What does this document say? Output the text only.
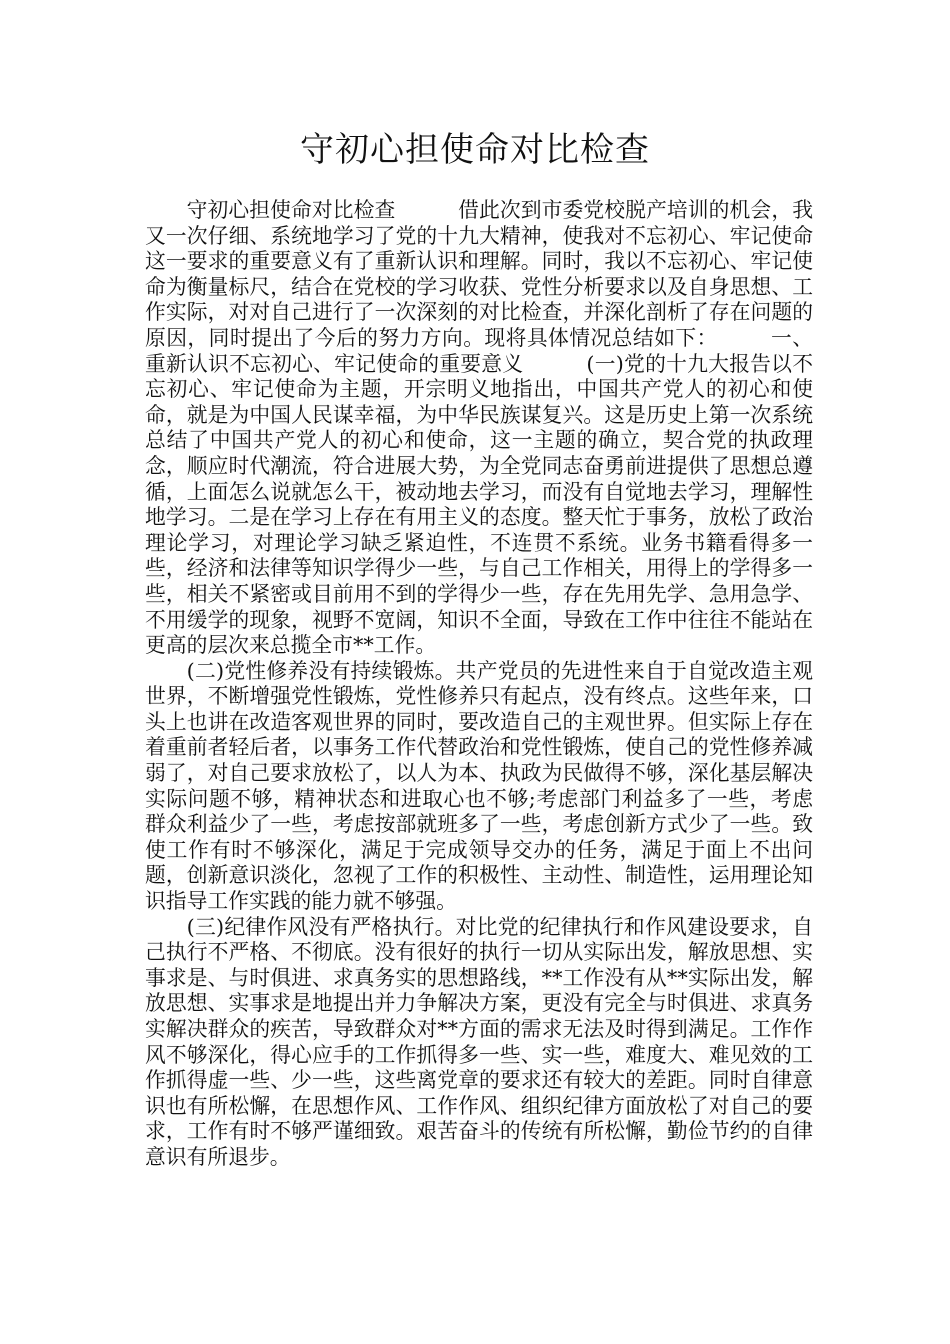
守初心担使命对比检查

守初心担使命对比检查　　　借此次到市委党校脱产培训的机会，我又一次仔细、系统地学习了党的十九大精神，使我对不忘初心、牢记使命这一要求的重要意义有了重新认识和理解。同时，我以不忘初心、牢记使命为衡量标尺，结合在党校的学习收获、党性分析要求以及自身思想、工作实际，对对自己进行了一次深刻的对比检查，并深化剖析了存在问题的原因，同时提出了今后的努力方向。现将具体情况总结如下：　　　一、重新认识不忘初心、牢记使命的重要意义　　　(一)党的十九大报告以不忘初心、牢记使命为主题，开宗明义地指出，中国共产党人的初心和使命，就是为中国人民谋幸福，为中华民族谋复兴。这是历史上第一次系统总结了中国共产党人的初心和使命，这一主题的确立，契合党的执政理念，顺应时代潮流，符合进展大势，为全党同志奋勇前进提供了思想总遵循，上面怎么说就怎么干，被动地去学习，而没有自觉地去学习，理解性地学习。二是在学习上存在有用主义的态度。整天忙于事务，放松了政治理论学习，对理论学习缺乏紧迫性，不连贯不系统。业务书籍看得多一些，经济和法律等知识学得少一些，与自己工作相关，用得上的学得多一些，相关不紧密或目前用不到的学得少一些，存在先用先学、急用急学、不用缓学的现象，视野不宽阔，知识不全面，导致在工作中往往不能站在更高的层次来总揽全市**工作。

(二)党性修养没有持续锻炼。共产党员的先进性来自于自觉改造主观世界，不断增强党性锻炼，党性修养只有起点，没有终点。这些年来，口头上也讲在改造客观世界的同时，要改造自己的主观世界。但实际上存在着重前者轻后者，以事务工作代替政治和党性锻炼，使自己的党性修养减弱了，对自己要求放松了，以人为本、执政为民做得不够，深化基层解决实际问题不够，精神状态和进取心也不够;考虑部门利益多了一些，考虑群众利益少了一些，考虑按部就班多了一些，考虑创新方式少了一些。致使工作有时不够深化，满足于完成领导交办的任务，满足于面上不出问题，创新意识淡化，忽视了工作的积极性、主动性、制造性，运用理论知识指导工作实践的能力就不够强。

(三)纪律作风没有严格执行。对比党的纪律执行和作风建设要求，自己执行不严格、不彻底。没有很好的执行一切从实际出发，解放思想、实事求是、与时俱进、求真务实的思想路线，**工作没有从**实际出发，解放思想、实事求是地提出并力争解决方案，更没有完全与时俱进、求真务实解决群众的疾苦，导致群众对**方面的需求无法及时得到满足。工作作风不够深化，得心应手的工作抓得多一些、实一些，难度大、难见效的工作抓得虚一些、少一些，这些离党章的要求还有较大的差距。同时自律意识也有所松懈，在思想作风、工作作风、组织纪律方面放松了对自己的要求，工作有时不够严谨细致。艰苦奋斗的传统有所松懈，勤俭节约的自律意识有所退步。
